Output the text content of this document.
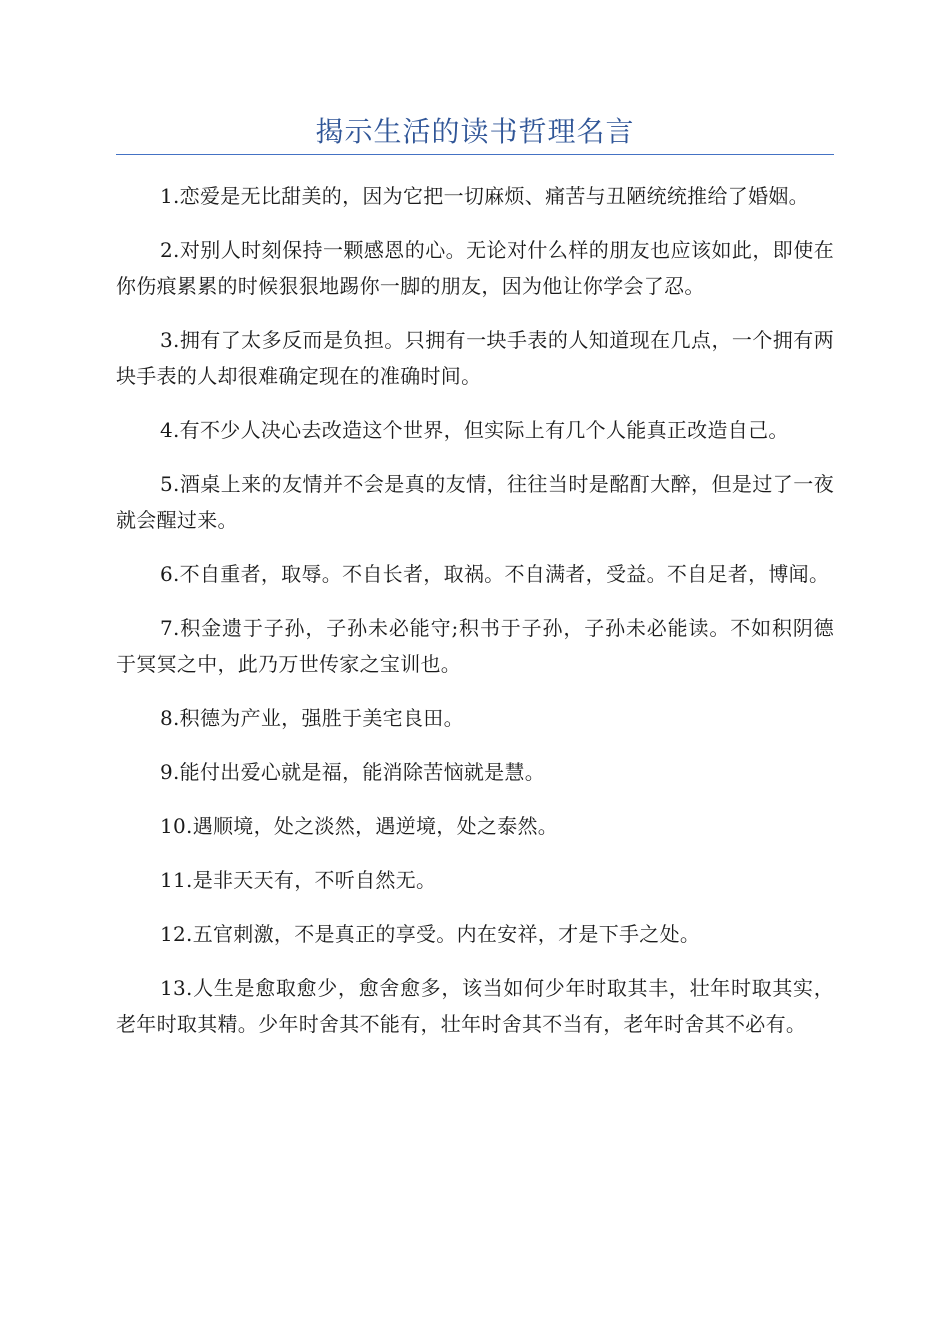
揭示生活的读书哲理名言

1.恋爱是无比甜美的，因为它把一切麻烦、痛苦与丑陋统统推给了婚姻。

2.对别人时刻保持一颗感恩的心。无论对什么样的朋友也应该如此，即使在你伤痕累累的时候狠狠地踢你一脚的朋友，因为他让你学会了忍。

3.拥有了太多反而是负担。只拥有一块手表的人知道现在几点，一个拥有两块手表的人却很难确定现在的准确时间。

4.有不少人决心去改造这个世界，但实际上有几个人能真正改造自己。

5.酒桌上来的友情并不会是真的友情，往往当时是酩酊大醉，但是过了一夜就会醒过来。

6.不自重者，取辱。不自长者，取祸。不自满者，受益。不自足者，博闻。

7.积金遗于子孙，子孙未必能守;积书于子孙，子孙未必能读。不如积阴德于冥冥之中，此乃万世传家之宝训也。

8.积德为产业，强胜于美宅良田。

9.能付出爱心就是福，能消除苦恼就是慧。

10.遇顺境，处之淡然，遇逆境，处之泰然。

11.是非天天有，不听自然无。

12.五官刺激，不是真正的享受。内在安祥，才是下手之处。

13.人生是愈取愈少，愈舍愈多，该当如何少年时取其丰，壮年时取其实，老年时取其精。少年时舍其不能有，壮年时舍其不当有，老年时舍其不必有。
